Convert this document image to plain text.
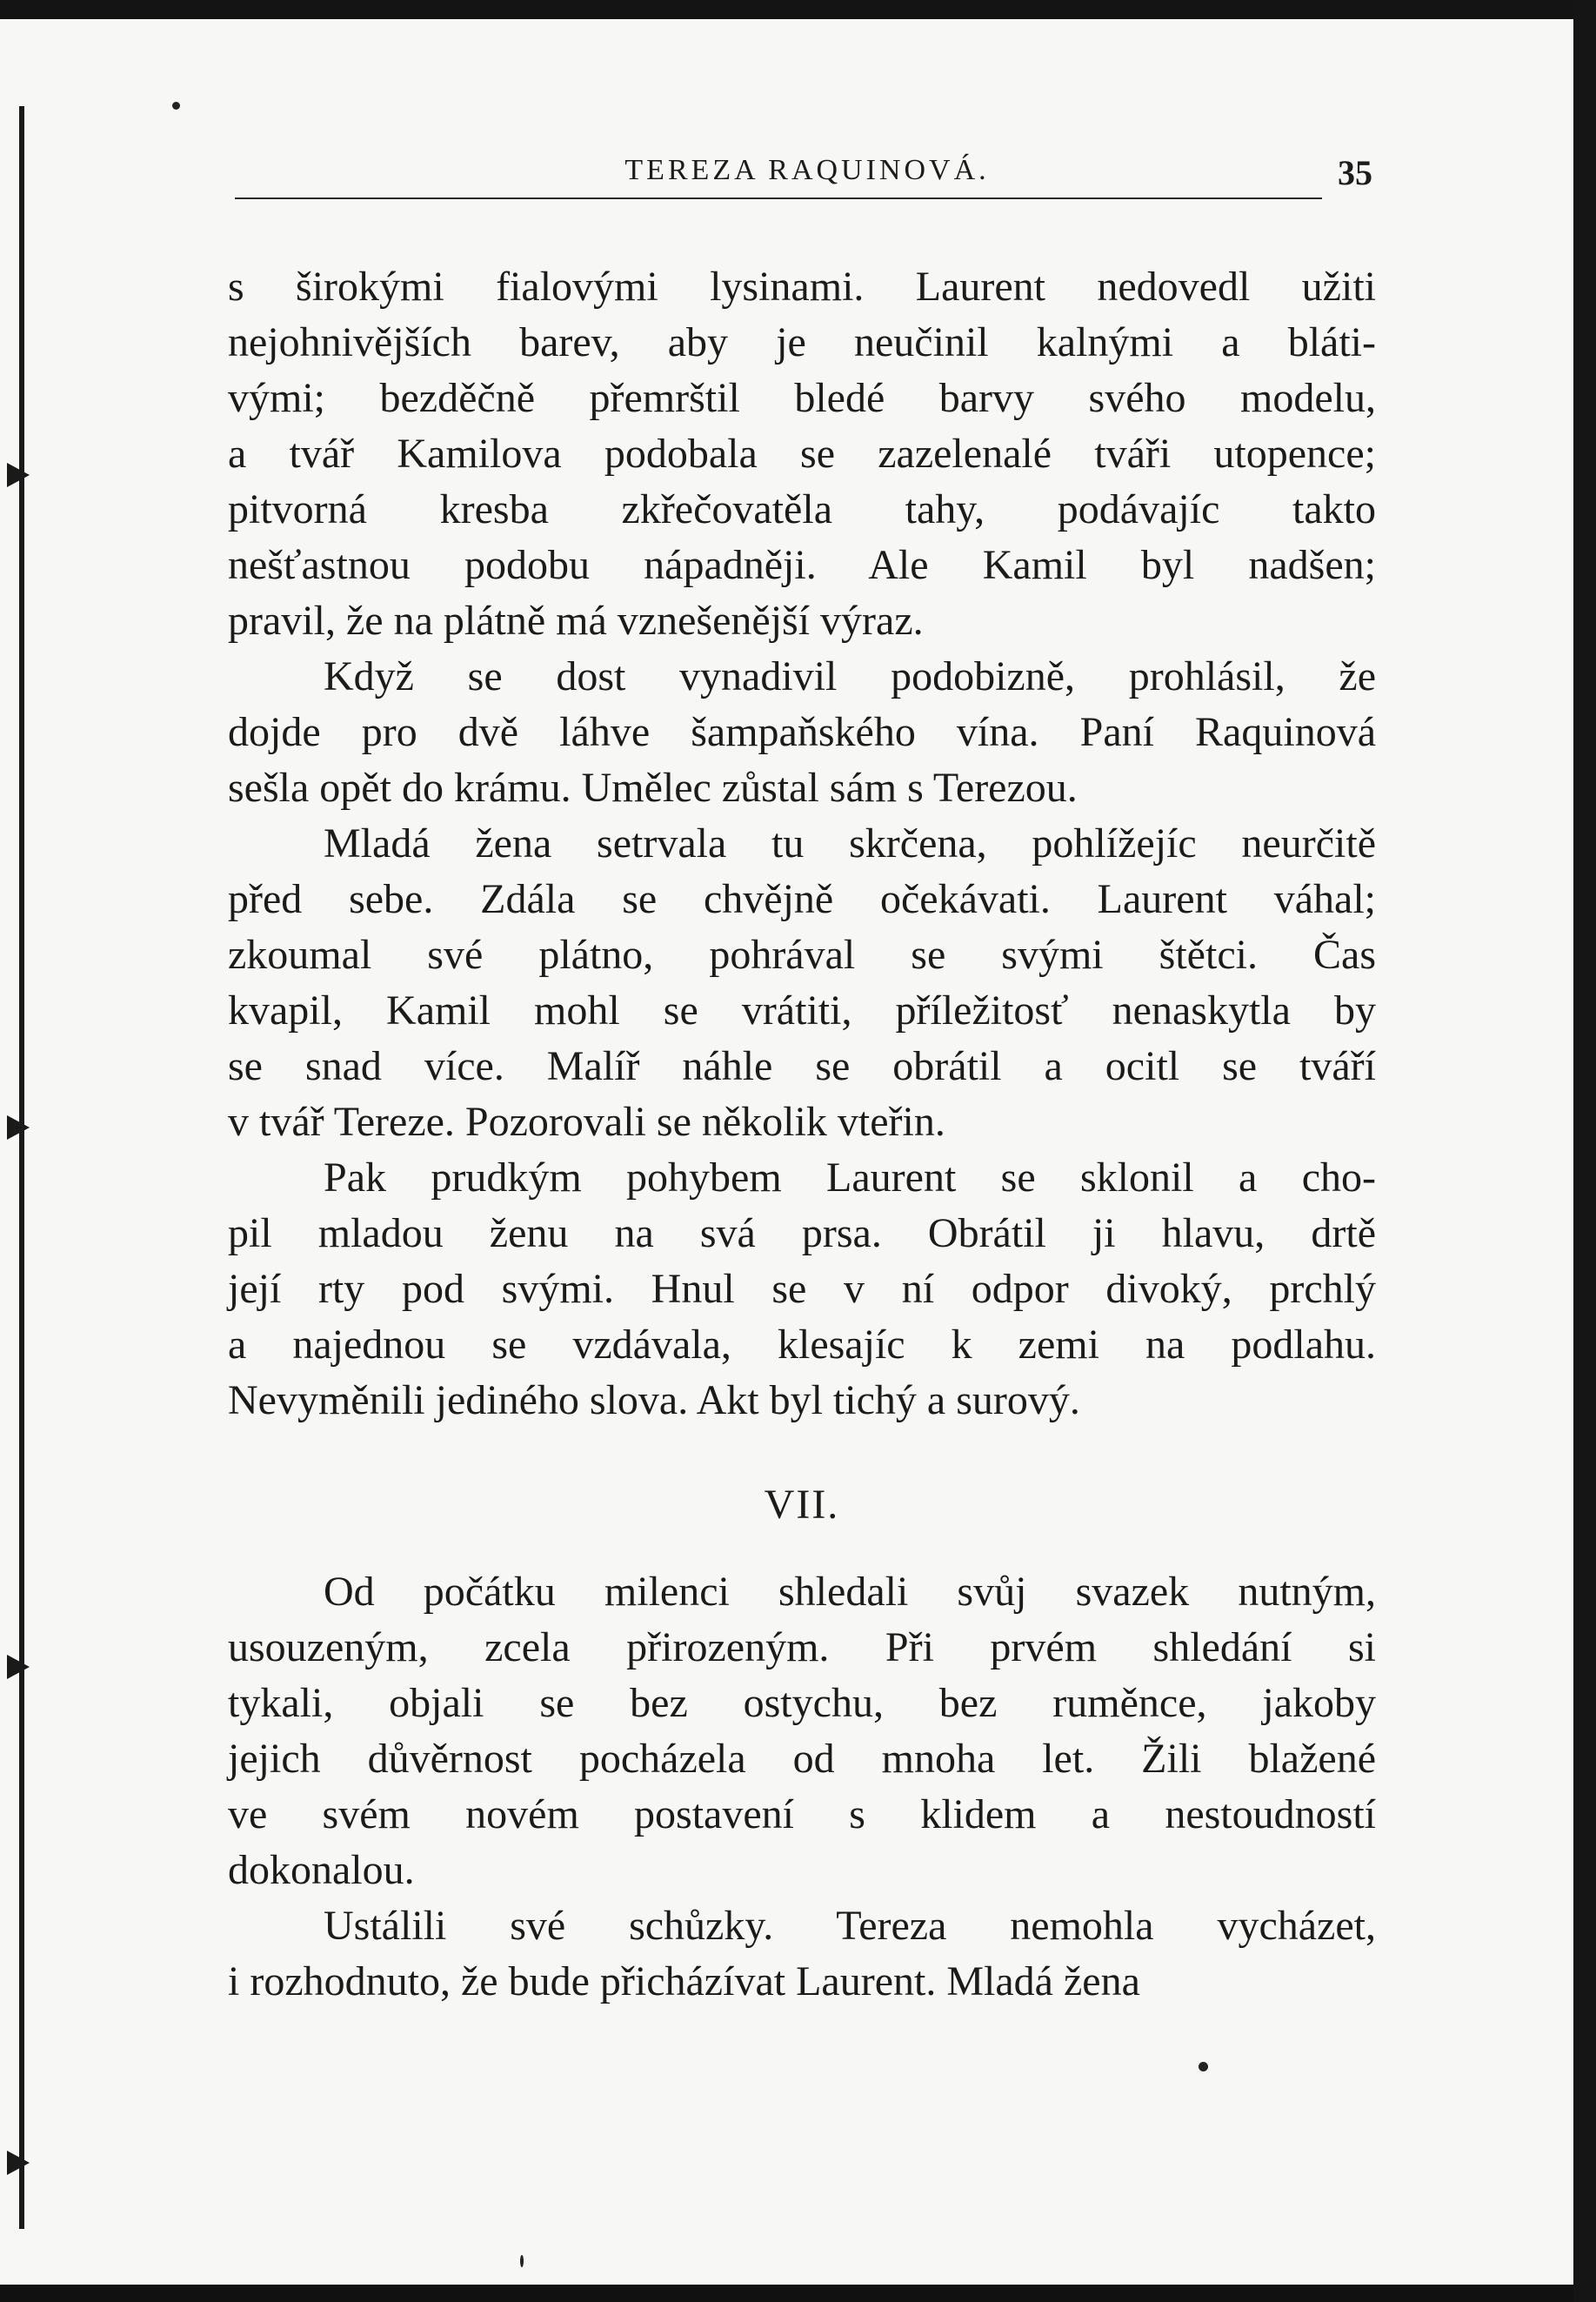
TEREZA RAQUINOVÁ.	35
s širokými fialovými lysinami. Laurent nedovedl užiti
nejohnivějších barev, aby je neučinil kalnými a bláti-
vými; bezděčně přemrštil bledé barvy svého modelu,
a tvář Kamilova podobala se zazelenalé tváři utopence;
pitvorná kresba zkřečovatěla tahy, podávajíc takto
nešťastnou podobu nápadněji. Ale Kamil byl nadšen;
pravil, že na plátně má vznešenější výraz.
Když se dost vynadivil podobizně, prohlásil, že
dojde pro dvě láhve šampaňského vína. Paní Raquinová
sešla opět do krámu. Umělec zůstal sám s Terezou.
Mladá žena setrvala tu skrčena, pohlížejíc neurčitě
před sebe. Zdála se chvějně očekávati. Laurent váhal;
zkoumal své plátno, pohrával se svými štětci. Čas
kvapil, Kamil mohl se vrátiti, příležitosť nenaskytla by
se snad více. Malíř náhle se obrátil a ocitl se tváří
v tvář Tereze. Pozorovali se několik vteřin.
Pak prudkým pohybem Laurent se sklonil a cho-
pil mladou ženu na svá prsa. Obrátil ji hlavu, drtě
její rty pod svými. Hnul se v ní odpor divoký, prchlý
a najednou se vzdávala, klesajíc k zemi na podlahu.
Nevyměnili jediného slova. Akt byl tichý a surový.
VII.
Od počátku milenci shledali svůj svazek nutným,
usouzeným, zcela přirozeným. Při prvém shledání si
tykali, objali se bez ostychu, bez ruměnce, jakoby
jejich důvěrnost pocházela od mnoha let. Žili blažené
ve svém novém postavení s klidem a nestoudností
dokonalou.
Ustálili své schůzky. Tereza nemohla vycházet,
i rozhodnuto, že bude přicházívat Laurent. Mladá žena
